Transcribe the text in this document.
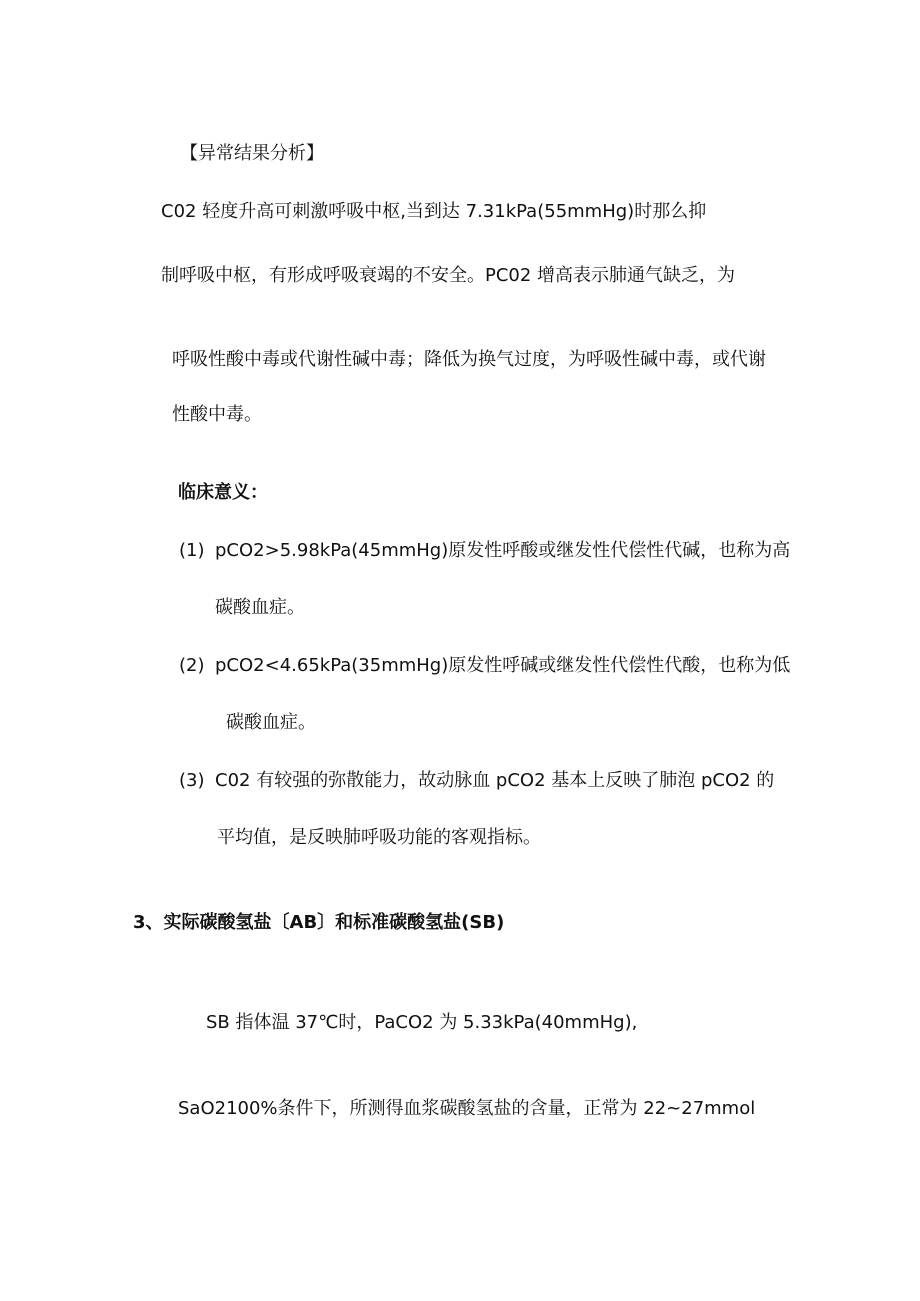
【异常结果分析】
C02 轻度升高可刺激呼吸中枢,当到达 7.31kPa(55mmHg)时那么抑
制呼吸中枢，有形成呼吸衰竭的不安全。PC02 增高表示肺通气缺乏，为
呼吸性酸中毒或代谢性碱中毒；降低为换气过度，为呼吸性碱中毒，或代谢
性酸中毒。
临床意义：
(1) pCO2>5.98kPa(45mmHg)原发性呼酸或继发性代偿性代碱，也称为高
碳酸血症。
(2) pCO2<4.65kPa(35mmHg)原发性呼碱或继发性代偿性代酸，也称为低
碳酸血症。
(3) C02 有较强的弥散能力，故动脉血 pCO2 基本上反映了肺泡 pCO2 的
平均值，是反映肺呼吸功能的客观指标。
3、实际碳酸氢盐〔AB〕和标准碳酸氢盐(SB)
SB 指体温 37℃时，PaCO2 为 5.33kPa(40mmHg),
SaO2100%条件下，所测得血浆碳酸氢盐的含量，正常为 22~27mmol
